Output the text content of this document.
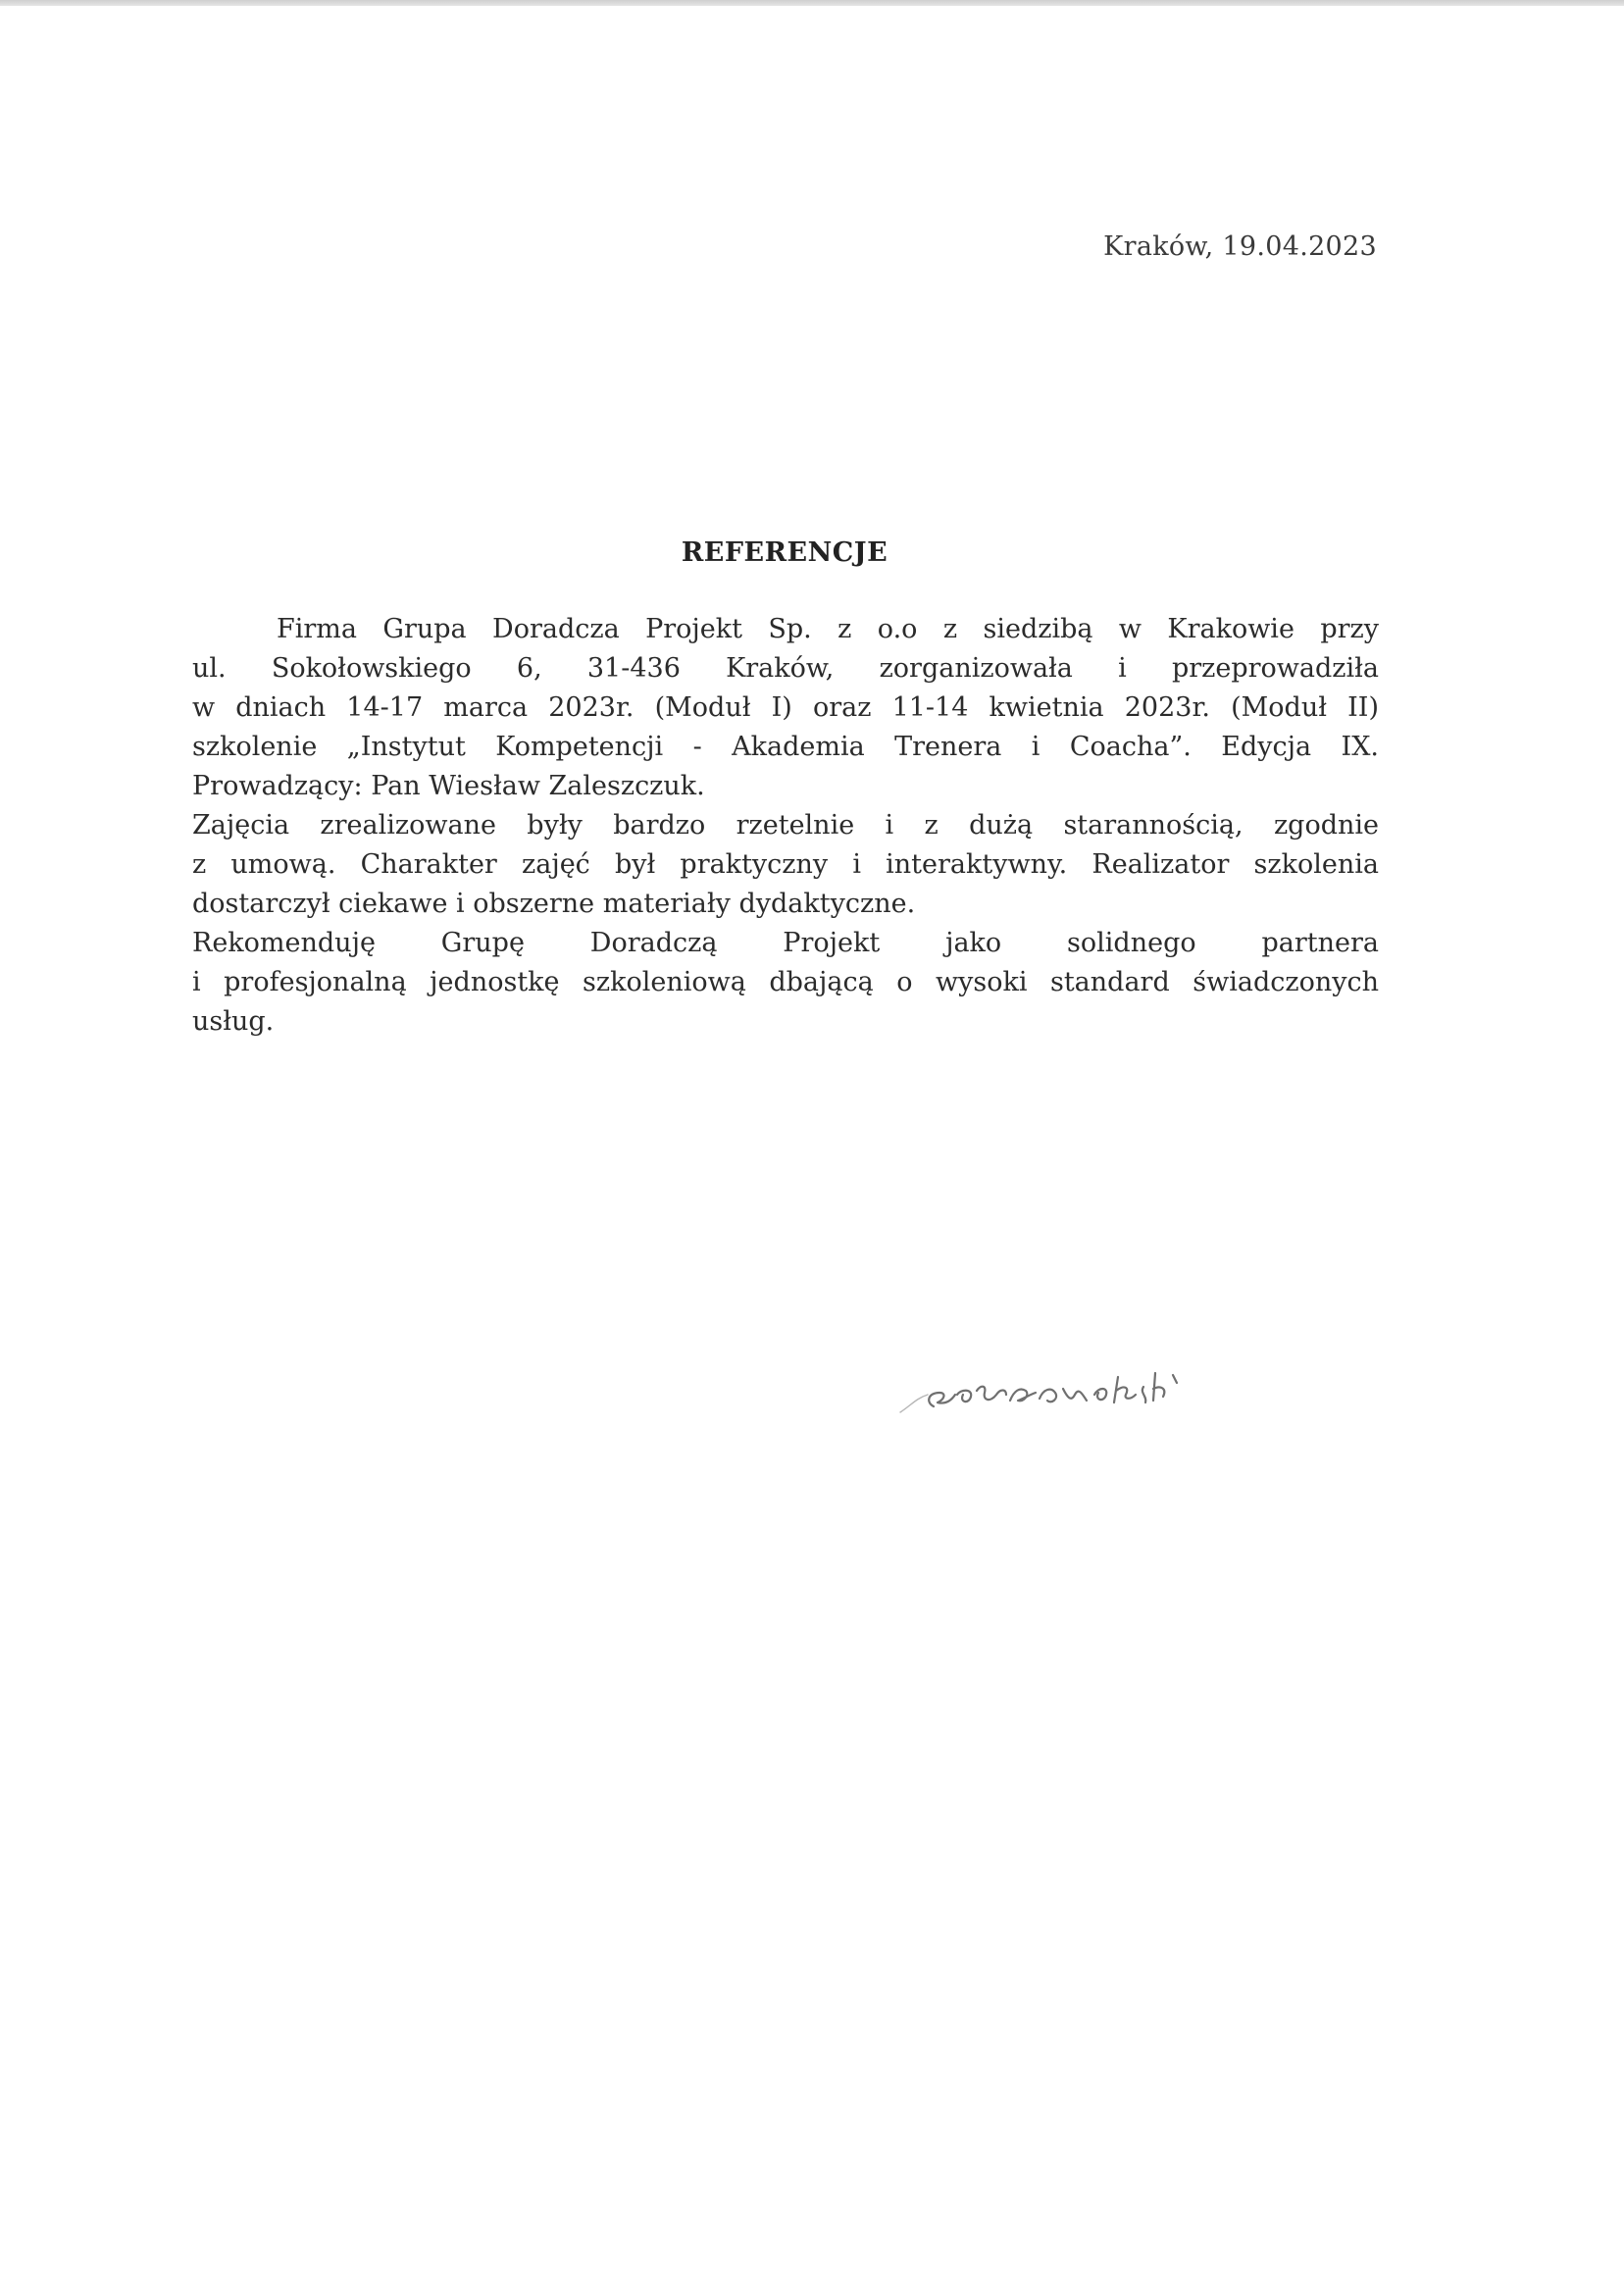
Kraków, 19.04.2023
REFERENCJE
Firma Grupa Doradcza Projekt Sp. z o.o z siedzibą w Krakowie przy
ul. Sokołowskiego 6, 31-436 Kraków, zorganizowała i przeprowadziła
w dniach 14-17 marca 2023r. (Moduł I) oraz 11-14 kwietnia 2023r. (Moduł II)
szkolenie „Instytut Kompetencji - Akademia Trenera i Coacha”. Edycja IX.
Prowadzący: Pan Wiesław Zaleszczuk.
Zajęcia zrealizowane były bardzo rzetelnie i z dużą starannością, zgodnie
z umową. Charakter zajęć był praktyczny i interaktywny. Realizator szkolenia
dostarczył ciekawe i obszerne materiały dydaktyczne.
Rekomenduję Grupę Doradczą Projekt jako solidnego partnera
i profesjonalną jednostkę szkoleniową dbającą o wysoki standard świadczonych
usług.
Sosnowski
